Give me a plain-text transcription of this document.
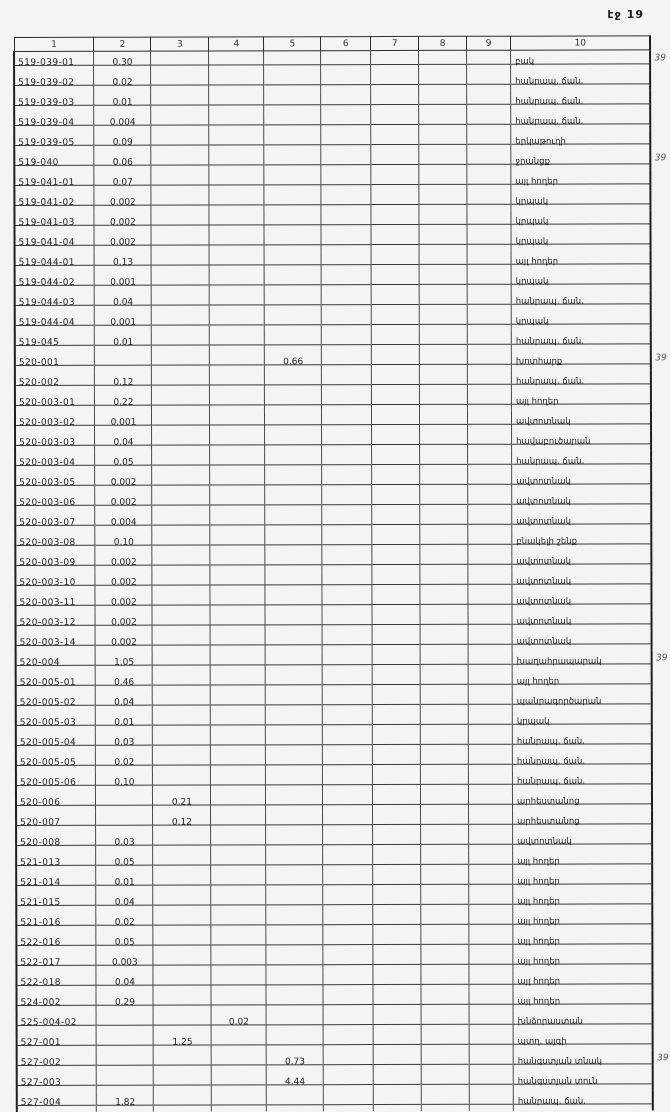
էջ 19
1	2	3	4	5	6	7	8	9	10	
519-039-01	0.30								բակ	39
519-039-02	0.02								հանրապ. ճան.	
519-039-03	0.01								հանրապ. ճան.	
519-039-04	0.004								հանրապ. ճան.	
519-039-05	0.09								երկաթուղի	
519-040	0.06								ջրանցք	39
519-041-01	0.07								այլ հողեր	
519-041-02	0.002								կրպակ	
519-041-03	0.002								կրպակ	
519-041-04	0.002								կրպակ	
519-044-01	0.13								այլ հողեր	
519-044-02	0.001								կրպակ	
519-044-03	0.04								հանրապ. ճան.	
519-044-04	0.001								կրպակ	
519-045	0.01								հանրապ. ճան.	
520-001				0.66					խոտհարք	39
520-002	0.12								հանրապ. ճան.	
520-003-01	0.22								այլ հողեր	
520-003-02	0.001								ավտոտնակ	
520-003-03	0.04								հավաբուծարան	
520-003-04	0.05								հանրապ. ճան.	
520-003-05	0.002								ավտոտնակ	
520-003-06	0.002								ավտոտնակ	
520-003-07	0.004								ավտոտնակ	
520-003-08	0.10								բնակելի շենք	
520-003-09	0.002								ավտոտնակ	
520-003-10	0.002								ավտոտնակ	
520-003-11	0.002								ավտոտնակ	
520-003-12	0.002								ավտոտնակ	
520-003-14	0.002								ավտոտնակ	
520-004	1.05								խաղահրապարակ	39
520-005-01	0.46								այլ հողեր	
520-005-02	0.04								պանրագործարան	
520-005-03	0.01								կրպակ	
520-005-04	0.03								հանրապ. ճան.	
520-005-05	0.02								հանրապ. ճան.	
520-005-06	0.10								հանրապ. ճան.	
520-006		0.21							արհեստանոց	
520-007		0.12							արհեստանոց	
520-008	0.03								ավտոտնակ	
521-013	0.05								այլ հողեր	
521-014	0.01								այլ հողեր	
521-015	0.04								այլ հողեր	
521-016	0.02								այլ հողեր	
522-016	0.05								այլ հողեր	
522-017	0.003								այլ հողեր	
522-018	0.04								այլ հողեր	
524-002	0.29								այլ հողեր	
525-004-02			0.02						խնձորաստան	
527-001		1.25							պտղ. այգի	
527-002				0.73					հանգստյան տնակ	39
527-003				4.44					հանգստյան տուն	
527-004	1.82								հանրապ. ճան.	
